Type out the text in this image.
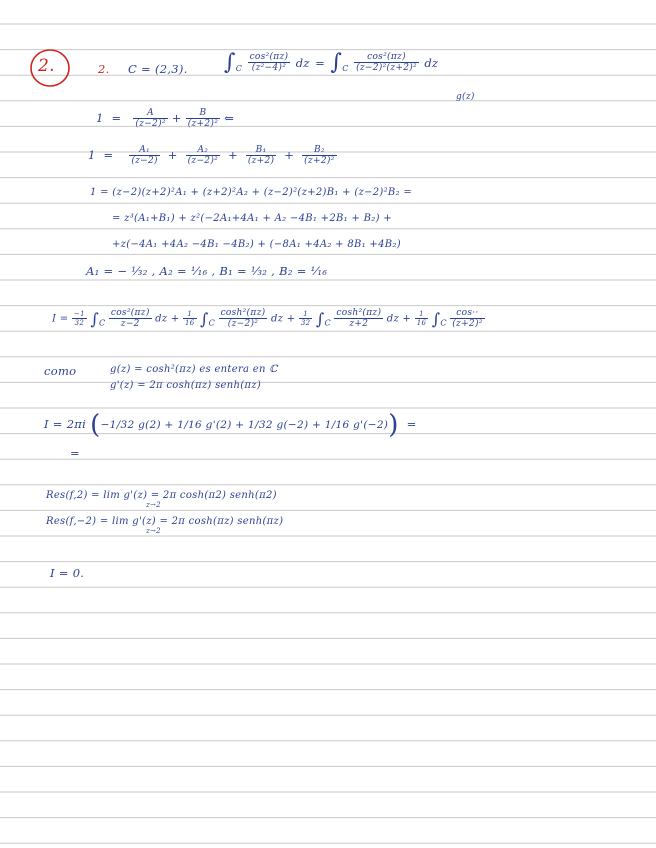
2.	2. C = (2,3). $\int_C \frac{\text{cos²(πz)}}{\text{(z²−4)²}}$ dz = $\int_C \frac{\text{cos²(πz)}}{\text{(z−2)²(z+2)²}}$ dz
g(z)
$1 = \frac{A}{\text{(z−2)²}} + \frac{B}{\text{(z+2)²}}$ ⇐
$1 = \frac{\text{A₁}}{(z-2)} + \frac{\text{A₂}}{\text{(z−2)²}} + \frac{\text{B₁}}{(z+2)} + \frac{\text{B₂}}{\text{(z+2)²}}$
1 = (z−2)(z+2)²A₁ + (z+2)²A₂ + (z−2)²(z+2)B₁ + (z−2)²B₂ =
= z³(A₁+B₁) + z²(−2A₁+4A₁ + A₂ −4B₁ +2B₁ + B₂) +
+z(−4A₁ +4A₂ −4B₁ −4B₂) + (−8A₁ +4A₂ + 8B₁ +4B₂)
A₁ = − ⅓₂ , A₂ = ⅟₁₆ , B₁ = ⅓₂ , B₂ = ⅟₁₆
$I = \frac{-1}{32} \int_C \frac{\text{cos²(πz)}}{z-2}$ dz + $\frac{1}{16} \int_C \frac{\text{cosh²(πz)}}{\text{(z−2)²}}$ dz + $\frac{1}{32} \int_C \frac{\text{cosh²(πz)}}{z+2}$ dz + $\frac{1}{16} \int_C \frac{\cos\cdot\cdot}{\text{(z+2)²}}$
como	g(z) = cosh²(πz) es entera en ℂ
g'(z) = 2π cosh(πz) senh(πz)
I = 2πi (−1/32 g(2) + 1/16 g'(2) + 1/32 g(−2) + 1/16 g'(−2)) =
=
Res(f,2) = lim g'(z) = 2π cosh(π2) senh(π2)
z→2
Res(f,−2) = lim g'(z) = 2π cosh(πz) senh(πz)
z→2
I = 0.
